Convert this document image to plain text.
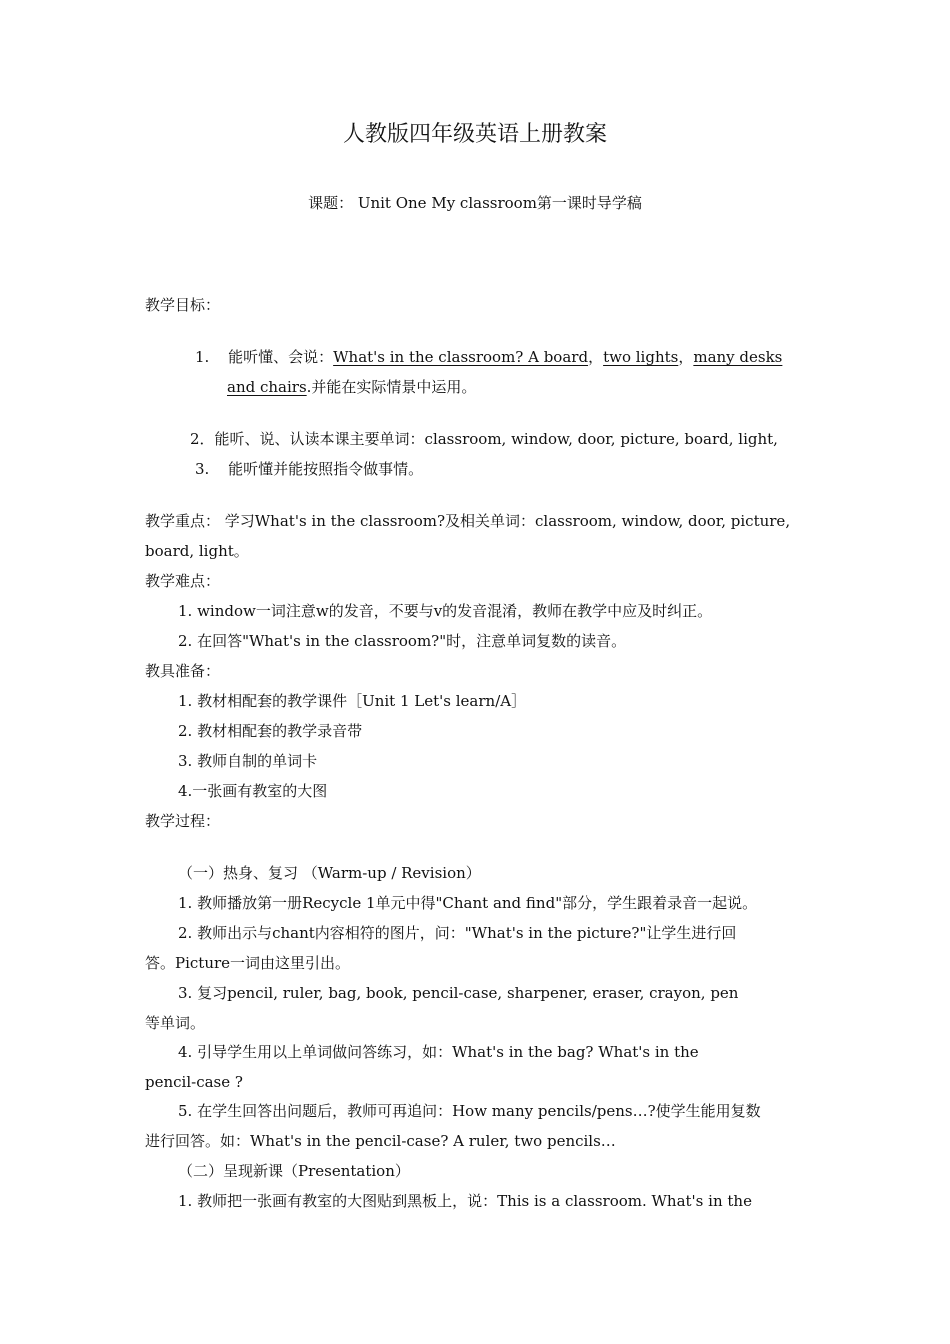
人教版四年级英语上册教案
课题： Unit One My classroom第一课时导学稿
教学目标：
1. 能听懂、会说：What's in the classroom? A board，two lights，many desks
and chairs.并能在实际情景中运用。
2．能听、说、认读本课主要单词：classroom, window, door, picture, board, light,
3. 能听懂并能按照指令做事情。
教学重点： 学习What's in the classroom?及相关单词：classroom, window, door, picture,
board, light。
教学难点：
1. window一词注意w的发音，不要与v的发音混淆，教师在教学中应及时纠正。
2. 在回答"What's in the classroom?"时，注意单词复数的读音。
教具准备：
1. 教材相配套的教学课件［Unit 1 Let's learn/A］
2. 教材相配套的教学录音带
3. 教师自制的单词卡
4.一张画有教室的大图
教学过程：
（一）热身、复习 （Warm-up / Revision）
1. 教师播放第一册Recycle 1单元中得"Chant and find"部分，学生跟着录音一起说。
2. 教师出示与chant内容相符的图片，问："What's in the picture?"让学生进行回
答。Picture一词由这里引出。
3. 复习pencil, ruler, bag, book, pencil-case, sharpener, eraser, crayon, pen
等单词。
4. 引导学生用以上单词做问答练习，如：What's in the bag? What's in the
pencil-case ?
5. 在学生回答出问题后，教师可再追问：How many pencils/pens…?使学生能用复数
进行回答。如：What's in the pencil-case? A ruler, two pencils…
（二）呈现新课（Presentation）
1. 教师把一张画有教室的大图贴到黑板上，说：This is a classroom. What's in the
